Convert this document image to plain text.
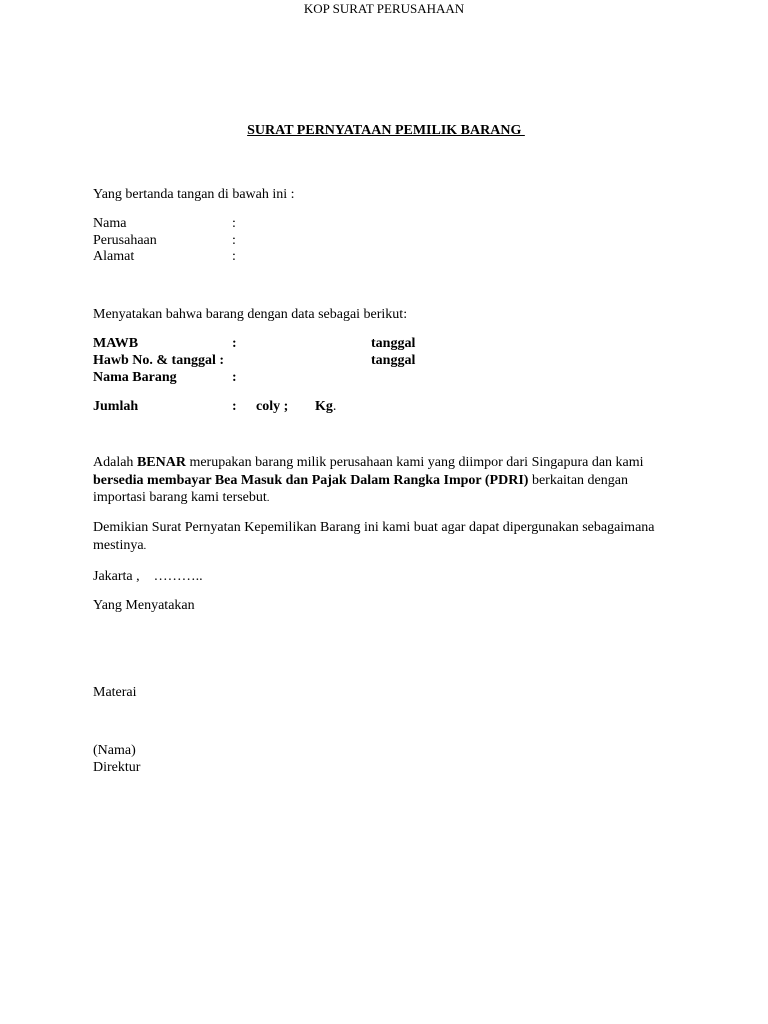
KOP SURAT PERUSAHAAN
SURAT PERNYATAAN PEMILIK BARANG
Yang bertanda tangan di bawah ini :
Nama	:
Perusahaan	:
Alamat	:
Menyatakan bahwa barang dengan data sebagai berikut:
MAWB	:	tanggal
Hawb No. & tanggal :	tanggal
Nama Barang	:
Jumlah	: coly ; Kg.
Adalah BENAR merupakan barang milik perusahaan kami yang diimpor dari Singapura dan kami bersedia membayar Bea Masuk dan Pajak Dalam Rangka Impor (PDRI) berkaitan dengan importasi barang kami tersebut.
Demikian Surat Pernyatan Kepemilikan Barang ini kami buat agar dapat dipergunakan sebagaimana mestinya.
Jakarta ,    ………..
Yang Menyatakan
Materai
(Nama)
Direktur
